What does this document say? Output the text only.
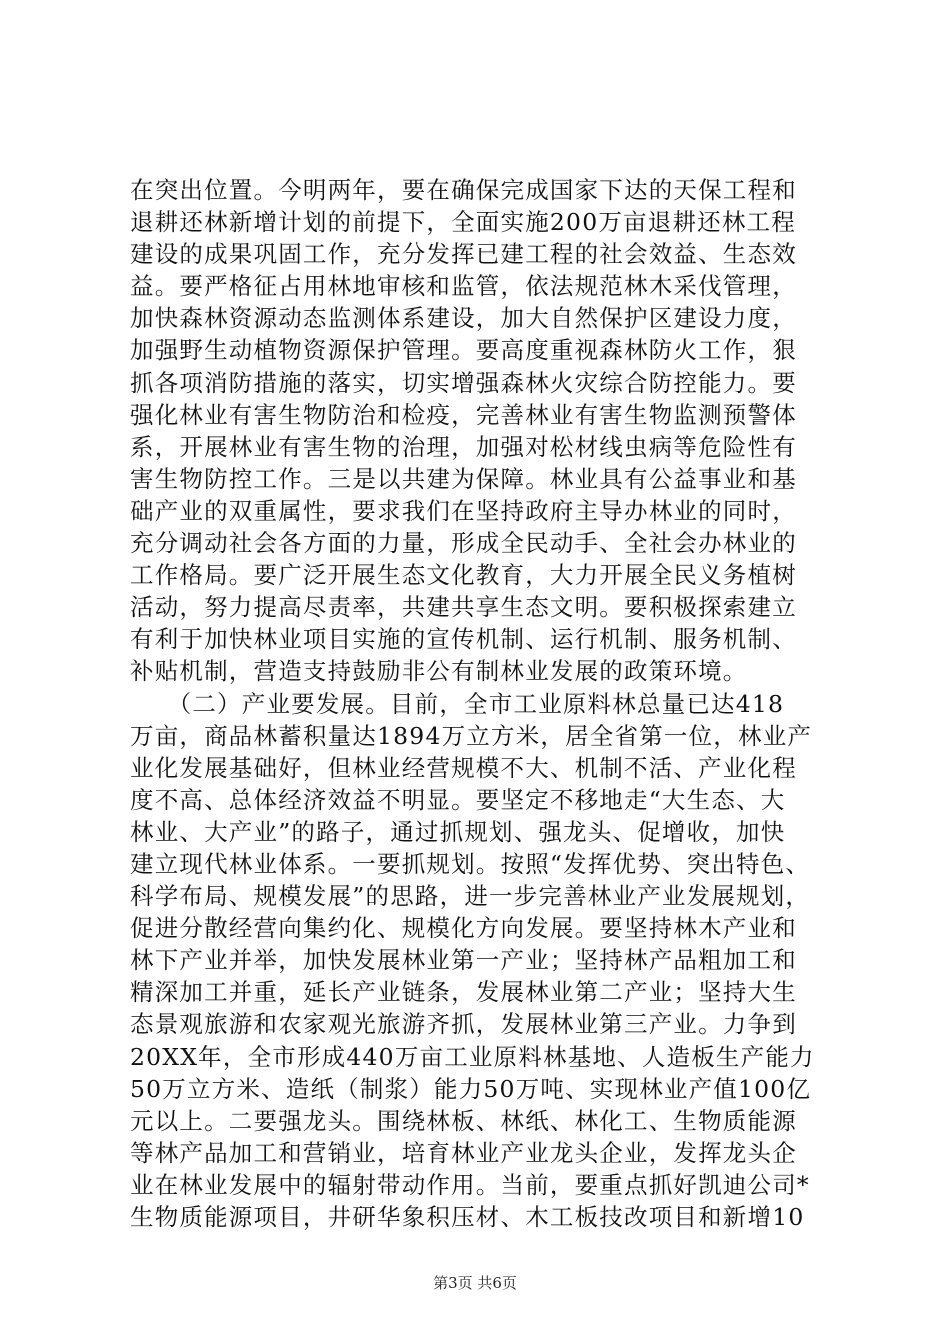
在突出位置。今明两年，要在确保完成国家下达的天保工程和
退耕还林新增计划的前提下，全面实施200万亩退耕还林工程
建设的成果巩固工作，充分发挥已建工程的社会效益、生态效
益。要严格征占用林地审核和监管，依法规范林木采伐管理，
加快森林资源动态监测体系建设，加大自然保护区建设力度，
加强野生动植物资源保护管理。要高度重视森林防火工作，狠
抓各项消防措施的落实，切实增强森林火灾综合防控能力。要
强化林业有害生物防治和检疫，完善林业有害生物监测预警体
系，开展林业有害生物的治理，加强对松材线虫病等危险性有
害生物防控工作。三是以共建为保障。林业具有公益事业和基
础产业的双重属性，要求我们在坚持政府主导办林业的同时，
充分调动社会各方面的力量，形成全民动手、全社会办林业的
工作格局。要广泛开展生态文化教育，大力开展全民义务植树
活动，努力提高尽责率，共建共享生态文明。要积极探索建立
有利于加快林业项目实施的宣传机制、运行机制、服务机制、
补贴机制，营造支持鼓励非公有制林业发展的政策环境。
　　（二）产业要发展。目前，全市工业原料林总量已达418
万亩，商品林蓄积量达1894万立方米，居全省第一位，林业产
业化发展基础好，但林业经营规模不大、机制不活、产业化程
度不高、总体经济效益不明显。要坚定不移地走“大生态、大
林业、大产业”的路子，通过抓规划、强龙头、促增收，加快
建立现代林业体系。一要抓规划。按照“发挥优势、突出特色、
科学布局、规模发展”的思路，进一步完善林业产业发展规划，
促进分散经营向集约化、规模化方向发展。要坚持林木产业和
林下产业并举，加快发展林业第一产业；坚持林产品粗加工和
精深加工并重，延长产业链条，发展林业第二产业；坚持大生
态景观旅游和农家观光旅游齐抓，发展林业第三产业。力争到
20XX年，全市形成440万亩工业原料林基地、人造板生产能力
50万立方米、造纸（制浆）能力50万吨、实现林业产值100亿
元以上。二要强龙头。围绕林板、林纸、林化工、生物质能源
等林产品加工和营销业，培育林业产业龙头企业，发挥龙头企
业在林业发展中的辐射带动作用。当前，要重点抓好凯迪公司*
生物质能源项目，井研华象积压材、木工板技改项目和新增10
第3页 共6页
